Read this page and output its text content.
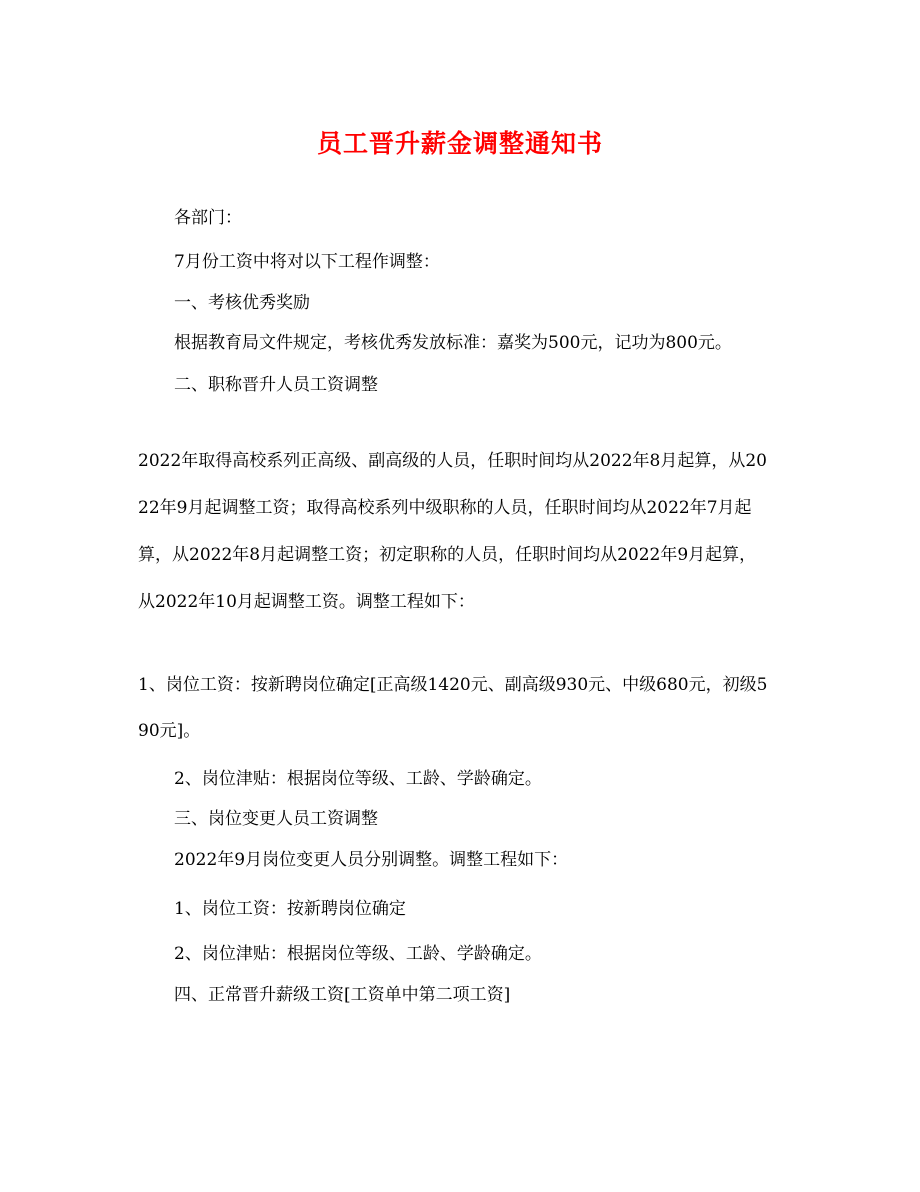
员工晋升薪金调整通知书
各部门：
7月份工资中将对以下工程作调整：
一、考核优秀奖励
根据教育局文件规定，考核优秀发放标准：嘉奖为500元，记功为800元。
二、职称晋升人员工资调整
2022年取得高校系列正高级、副高级的人员，任职时间均从2022年8月起算，从20
22年9月起调整工资；取得高校系列中级职称的人员，任职时间均从2022年7月起
算，从2022年8月起调整工资；初定职称的人员，任职时间均从2022年9月起算，
从2022年10月起调整工资。调整工程如下：
1、岗位工资：按新聘岗位确定[正高级1420元、副高级930元、中级680元，初级5
90元]。
2、岗位津贴：根据岗位等级、工龄、学龄确定。
三、岗位变更人员工资调整
2022年9月岗位变更人员分别调整。调整工程如下：
1、岗位工资：按新聘岗位确定
2、岗位津贴：根据岗位等级、工龄、学龄确定。
四、正常晋升薪级工资[工资单中第二项工资]
